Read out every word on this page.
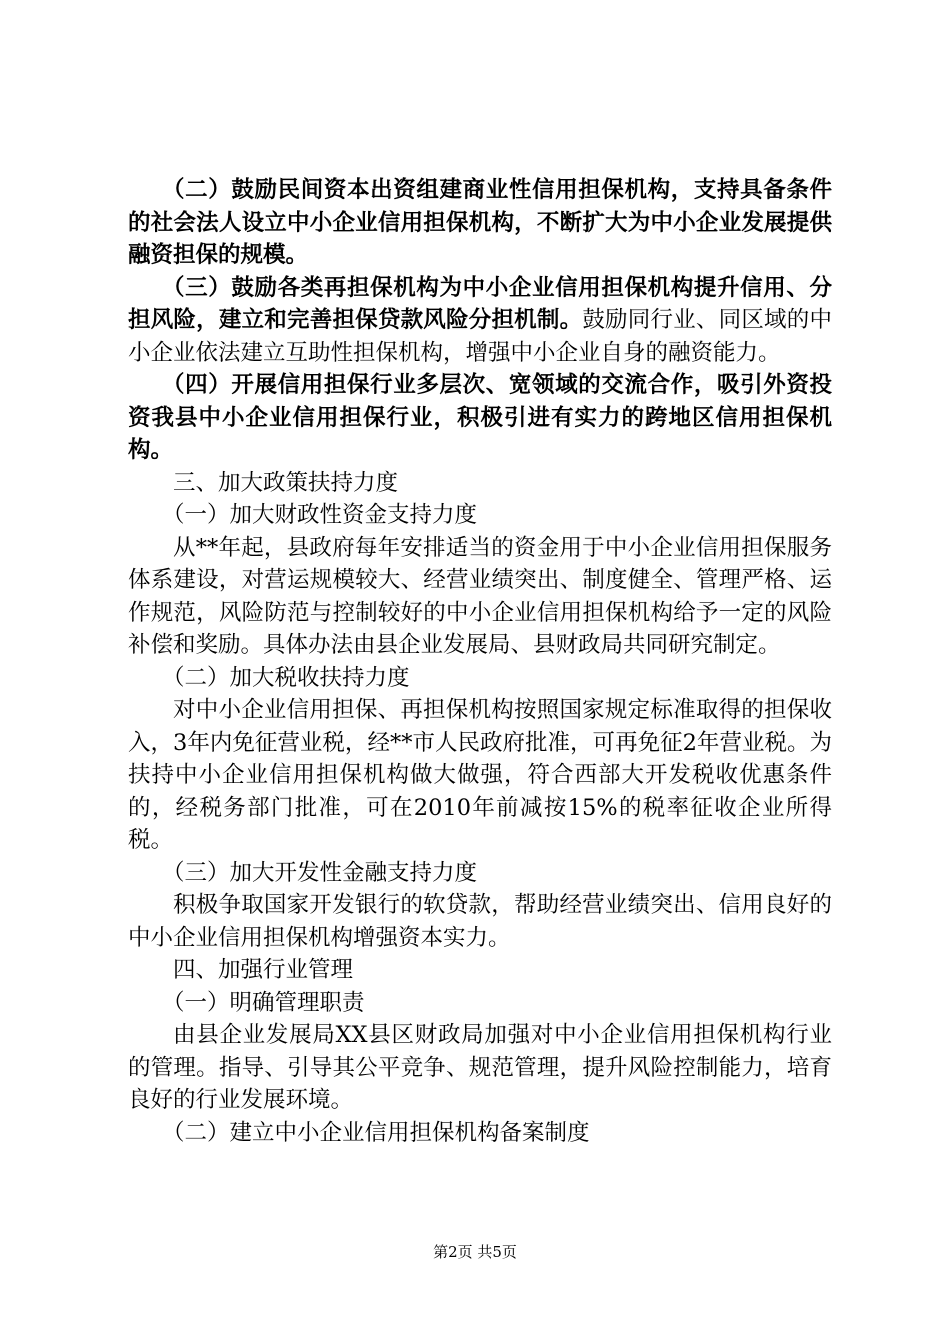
（二）鼓励民间资本出资组建商业性信用担保机构，支持具备条件的社会法人设立中小企业信用担保机构，不断扩大为中小企业发展提供融资担保的规模。

（三）鼓励各类再担保机构为中小企业信用担保机构提升信用、分担风险，建立和完善担保贷款风险分担机制。鼓励同行业、同区域的中小企业依法建立互助性担保机构，增强中小企业自身的融资能力。

（四）开展信用担保行业多层次、宽领域的交流合作，吸引外资投资我县中小企业信用担保行业，积极引进有实力的跨地区信用担保机构。

三、加大政策扶持力度

（一）加大财政性资金支持力度

从**年起，县政府每年安排适当的资金用于中小企业信用担保服务体系建设，对营运规模较大、经营业绩突出、制度健全、管理严格、运作规范，风险防范与控制较好的中小企业信用担保机构给予一定的风险补偿和奖励。具体办法由县企业发展局、县财政局共同研究制定。

（二）加大税收扶持力度

对中小企业信用担保、再担保机构按照国家规定标准取得的担保收入，3年内免征营业税，经**市人民政府批准，可再免征2年营业税。为扶持中小企业信用担保机构做大做强，符合西部大开发税收优惠条件的，经税务部门批准，可在2010年前减按15%的税率征收企业所得税。

（三）加大开发性金融支持力度

积极争取国家开发银行的软贷款，帮助经营业绩突出、信用良好的中小企业信用担保机构增强资本实力。

四、加强行业管理

（一）明确管理职责

由县企业发展局XX县区财政局加强对中小企业信用担保机构行业的管理。指导、引导其公平竞争、规范管理，提升风险控制能力，培育良好的行业发展环境。

（二）建立中小企业信用担保机构备案制度

第2页 共5页
